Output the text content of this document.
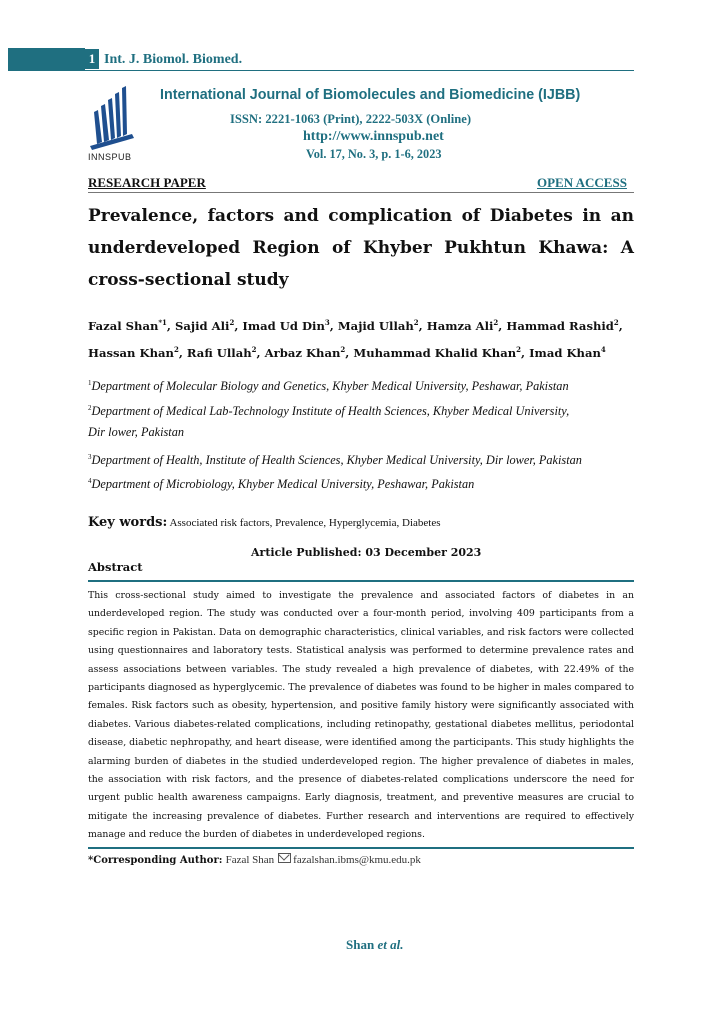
1 Int. J. Biomol. Biomed.
INNSPUB
International Journal of Biomolecules and Biomedicine (IJBB)
ISSN: 2221-1063 (Print), 2222-503X (Online)
http://www.innspub.net
Vol. 17, No. 3, p. 1-6, 2023
RESEARCH PAPER	OPEN ACCESS
Prevalence, factors and complication of Diabetes in an underdeveloped Region of Khyber Pukhtun Khawa: A cross-sectional study
Fazal Shan$^{*1}$, Sajid Ali$^2$, Imad Ud Din$^3$, Majid Ullah$^2$, Hamza Ali$^2$, Hammad Rashid$^2$, Hassan Khan$^2$, Rafi Ullah$^2$, Arbaz Khan$^2$, Muhammad Khalid Khan$^2$, Imad Khan$^4$
$^1$Department of Molecular Biology and Genetics, Khyber Medical University, Peshawar, Pakistan
$^2$Department of Medical Lab-Technology Institute of Health Sciences, Khyber Medical University,
Dir lower, Pakistan
$^3$Department of Health, Institute of Health Sciences, Khyber Medical University, Dir lower, Pakistan
$^4$Department of Microbiology, Khyber Medical University, Peshawar, Pakistan
Key words: Associated risk factors, Prevalence, Hyperglycemia, Diabetes
Article Published: 03 December 2023
Abstract
This cross-sectional study aimed to investigate the prevalence and associated factors of diabetes in an underdeveloped region. The study was conducted over a four-month period, involving 409 participants from a specific region in Pakistan. Data on demographic characteristics, clinical variables, and risk factors were collected using questionnaires and laboratory tests. Statistical analysis was performed to determine prevalence rates and assess associations between variables. The study revealed a high prevalence of diabetes, with 22.49% of the participants diagnosed as hyperglycemic. The prevalence of diabetes was found to be higher in males compared to females. Risk factors such as obesity, hypertension, and positive family history were significantly associated with diabetes. Various diabetes-related complications, including retinopathy, gestational diabetes mellitus, periodontal disease, diabetic nephropathy, and heart disease, were identified among the participants. This study highlights the alarming burden of diabetes in the studied underdeveloped region. The higher prevalence of diabetes in males, the association with risk factors, and the presence of diabetes-related complications underscore the need for urgent public health awareness campaigns. Early diagnosis, treatment, and preventive measures are crucial to mitigate the increasing prevalence of diabetes. Further research and interventions are required to effectively manage and reduce the burden of diabetes in underdeveloped regions.
*Corresponding Author: Fazal Shan fazalshan.ibms@kmu.edu.pk
Shan et al.
